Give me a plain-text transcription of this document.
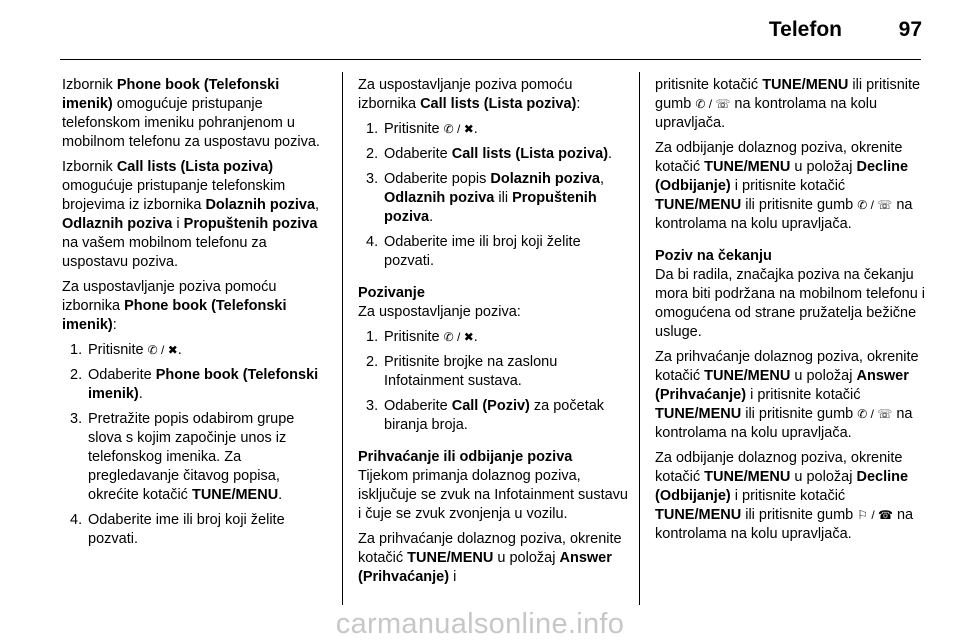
Telefon	97

Izbornik Phone book (Telefonski imenik) omogućuje pristupanje telefonskom imeniku pohranjenom u mobilnom telefonu za uspostavu poziva.

Izbornik Call lists (Lista poziva) omogućuje pristupanje telefonskim brojevima iz izbornika Dolaznih poziva, Odlaznih poziva i Propuštenih poziva na vašem mobilnom telefonu za uspostavu poziva.

Za uspostavljanje poziva pomoću izbornika Phone book (Telefonski imenik):

1. Pritisnite ✆ / ✖.
2. Odaberite Phone book (Telefonski imenik).
3. Pretražite popis odabirom grupe slova s kojim započinje unos iz telefonskog imenika. Za pregledavanje čitavog popisa, okrećite kotačić TUNE/MENU.
4. Odaberite ime ili broj koji želite pozvati.

Za uspostavljanje poziva pomoću izbornika Call lists (Lista poziva):

1. Pritisnite ✆ / ✖.
2. Odaberite Call lists (Lista poziva).
3. Odaberite popis Dolaznih poziva, Odlaznih poziva ili Propuštenih poziva.
4. Odaberite ime ili broj koji želite pozvati.

Pozivanje

Za uspostavljanje poziva:

1. Pritisnite ✆ / ✖.
2. Pritisnite brojke na zaslonu Infotainment sustava.
3. Odaberite Call (Poziv) za početak biranja broja.

Prihvaćanje ili odbijanje poziva

Tijekom primanja dolaznog poziva, isključuje se zvuk na Infotainment sustavu i čuje se zvuk zvonjenja u vozilu.

Za prihvaćanje dolaznog poziva, okrenite kotačić TUNE/MENU u položaj Answer (Prihvaćanje) i

pritisnite kotačić TUNE/MENU ili pritisnite gumb ✆ / ☏ na kontrolama na kolu upravljača.

Za odbijanje dolaznog poziva, okrenite kotačić TUNE/MENU u položaj Decline (Odbijanje) i pritisnite kotačić TUNE/MENU ili pritisnite gumb ✆ / ☏ na kontrolama na kolu upravljača.

Poziv na čekanju

Da bi radila, značajka poziva na čekanju mora biti podržana na mobilnom telefonu i omogućena od strane pružatelja bežične usluge.

Za prihvaćanje dolaznog poziva, okrenite kotačić TUNE/MENU u položaj Answer (Prihvaćanje) i pritisnite kotačić TUNE/MENU ili pritisnite gumb ✆ / ☏ na kontrolama na kolu upravljača.

Za odbijanje dolaznog poziva, okrenite kotačić TUNE/MENU u položaj Decline (Odbijanje) i pritisnite kotačić TUNE/MENU ili pritisnite gumb ⚐ / ☎ na kontrolama na kolu upravljača.

carmanualsonline.info
